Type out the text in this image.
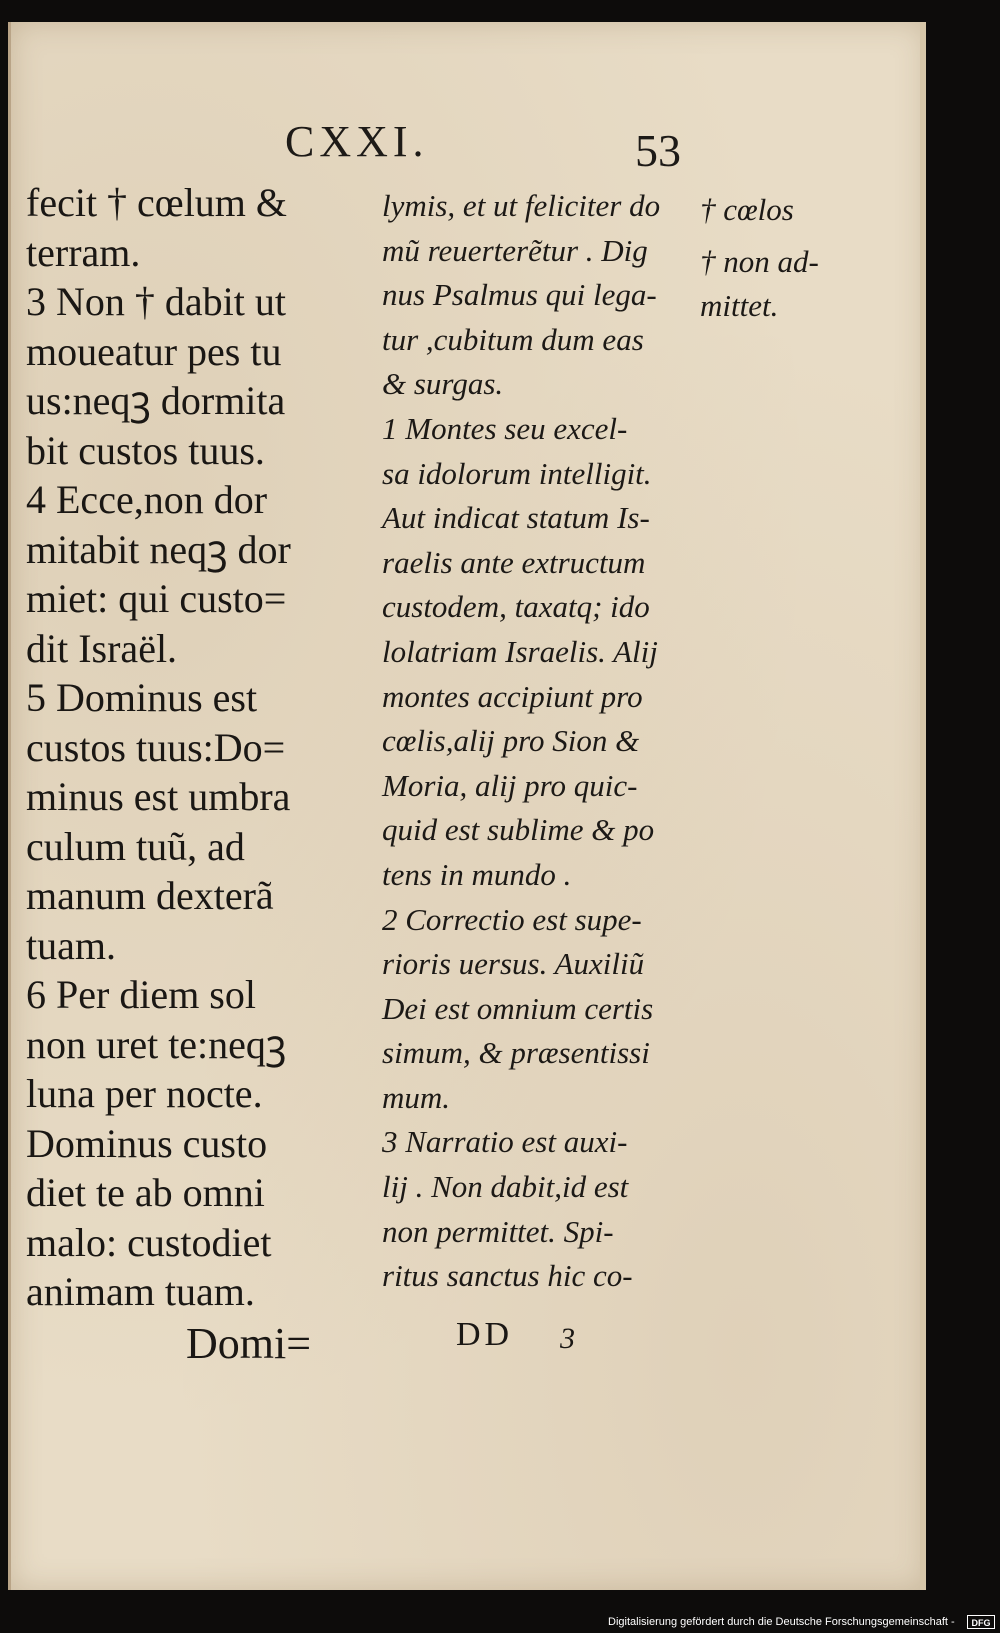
CXXI.	53
fecit † cœlum &
terram.
3 Non † dabit ut
moueatur pes tu
us:neqꝫ dormita
bit custos tuus.
4 Ecce,non dor
mitabit neqꝫ dor
miet: qui custo=
dit Israël.
5 Dominus est
custos tuus:Do=
minus est umbra
culum tuũ, ad
manum dexterã
tuam.
6 Per diem sol
non uret te:neqꝫ
luna per nocte.
Dominus custo
diet te ab omni
malo: custodiet
animam tuam.
lymis, et ut feliciter do
mũ reuerterẽtur . Dig
nus Psalmus qui lega-
tur ,cubitum dum eas
& surgas.
1 Montes seu excel-
sa idolorum intelligit.
Aut indicat statum Is-
raelis ante extructum
custodem, taxatq; ido
lolatriam Israelis. Alij
montes accipiunt pro
cœlis,alij pro Sion &
Moria, alij pro quic-
quid est sublime & po
tens in mundo .
2 Correctio est supe-
rioris uersus. Auxiliũ
Dei est omnium certis
simum, & præsentissi
mum.
3 Narratio est auxi-
lij . Non dabit,id est
non permittet. Spi-
ritus sanctus hic co-
† cœlos
† non ad-
mittet.
Domi=	DD 3
Digitalisierung gefördert durch die Deutsche Forschungsgemeinschaft -	DFG
